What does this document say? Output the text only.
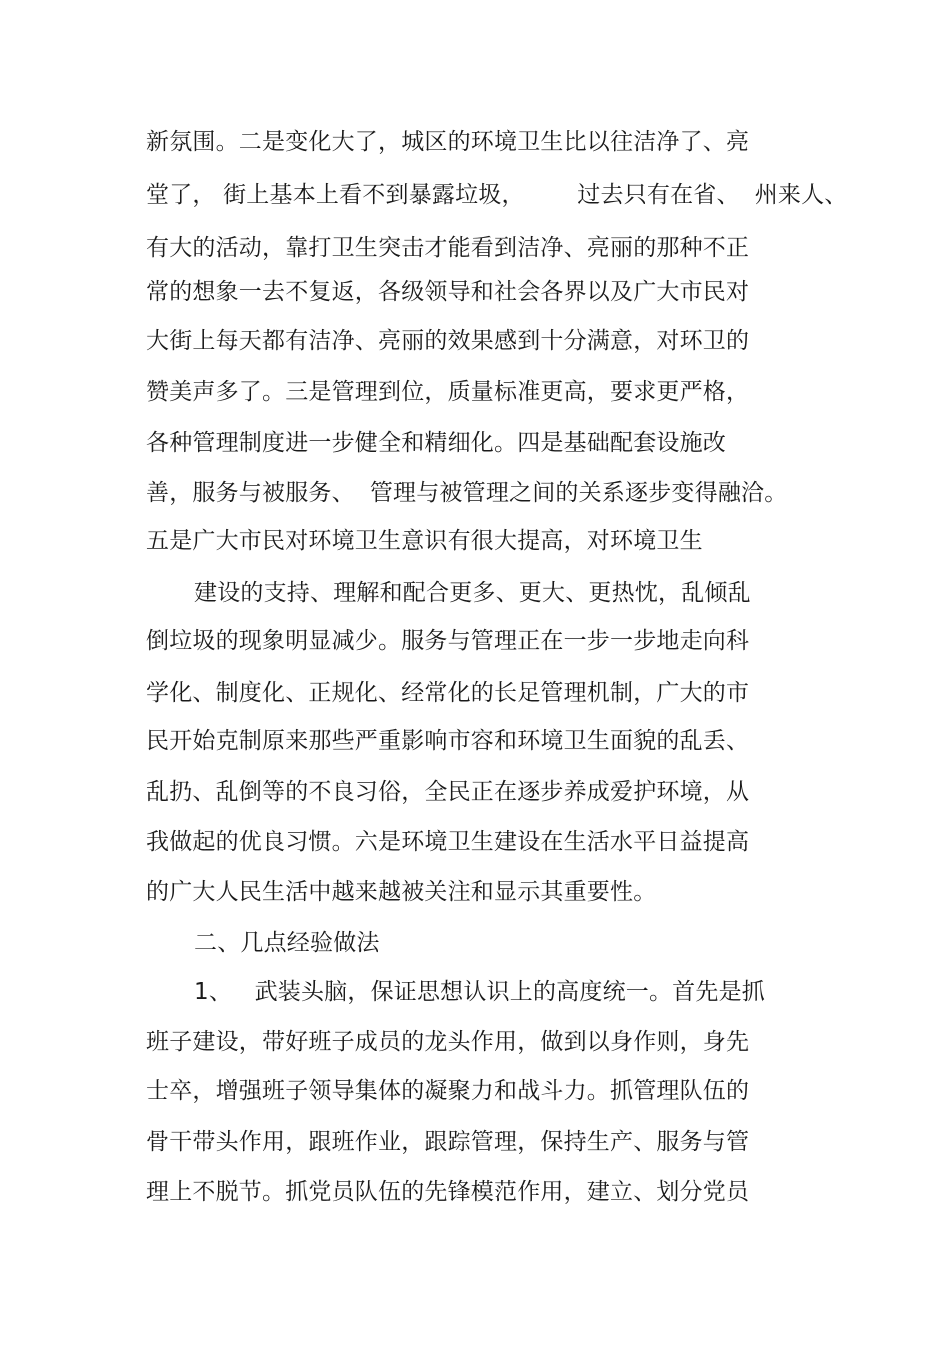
新氛围。二是变化大了，城区的环境卫生比以往洁净了、亮
堂了， 街上基本上看不到暴露垃圾，       过去只有在省、  州来人、
有大的活动，靠打卫生突击才能看到洁净、亮丽的那种不正
常的想象一去不复返，各级领导和社会各界以及广大市民对
大街上每天都有洁净、亮丽的效果感到十分满意，对环卫的
赞美声多了。三是管理到位，质量标准更高，要求更严格，
各种管理制度进一步健全和精细化。四是基础配套设施改
善，服务与被服务、  管理与被管理之间的关系逐步变得融洽。
五是广大市民对环境卫生意识有很大提高，对环境卫生
建设的支持、理解和配合更多、更大、更热忱，乱倾乱
倒垃圾的现象明显减少。服务与管理正在一步一步地走向科
学化、制度化、正规化、经常化的长足管理机制，广大的市
民开始克制原来那些严重影响市容和环境卫生面貌的乱丢、
乱扔、乱倒等的不良习俗，全民正在逐步养成爱护环境，从
我做起的优良习惯。六是环境卫生建设在生活水平日益提高
的广大人民生活中越来越被关注和显示其重要性。
二、几点经验做法
1、   武装头脑，保证思想认识上的高度统一。首先是抓
班子建设，带好班子成员的龙头作用，做到以身作则，身先
士卒，增强班子领导集体的凝聚力和战斗力。抓管理队伍的
骨干带头作用，跟班作业，跟踪管理，保持生产、服务与管
理上不脱节。抓党员队伍的先锋模范作用，建立、划分党员
